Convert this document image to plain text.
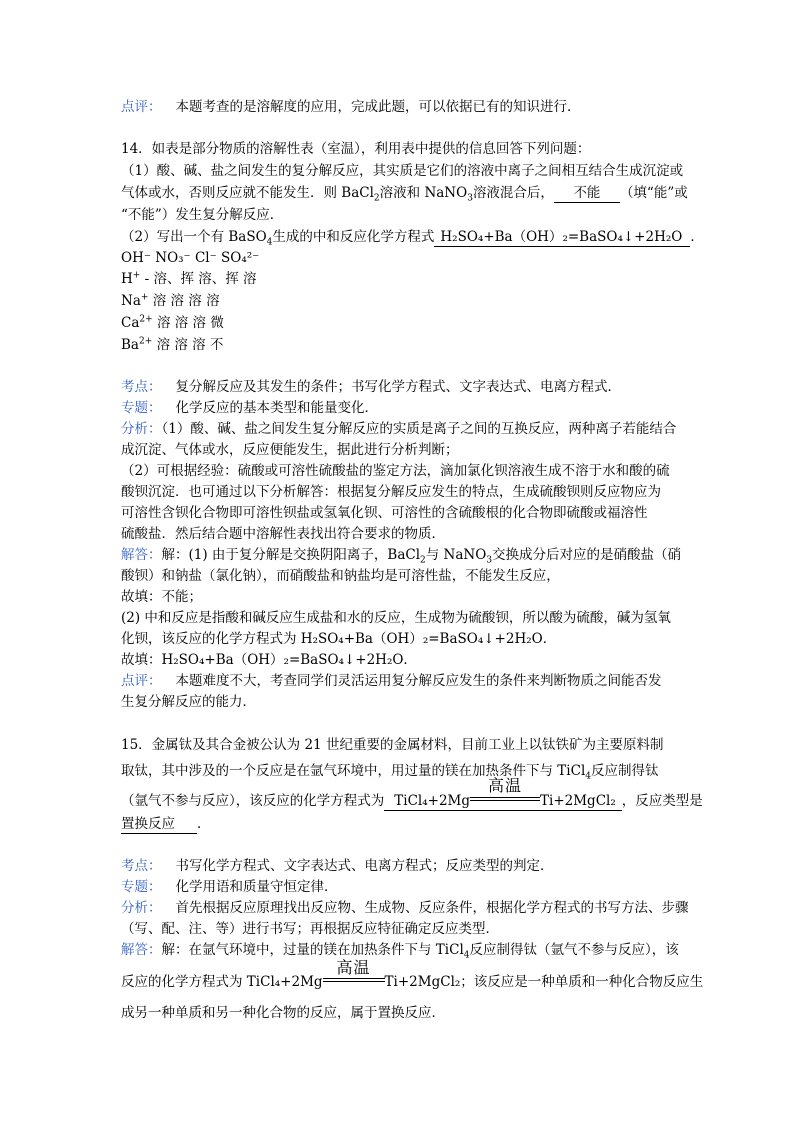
点评： 本题考查的是溶解度的应用，完成此题，可以依据已有的知识进行．
14．如表是部分物质的溶解性表（室温），利用表中提供的信息回答下列问题：
（1）酸、碱、盐之间发生的复分解反应，其实质是它们的溶液中离子之间相互结合生成沉淀或
气体或水，否则反应就不能发生．则 BaCl$_2$溶液和 NaNO$_3$溶液混合后， 不能 （填“能”或
“不能”）发生复分解反应．
（2）写出一个有 BaSO$_4$生成的中和反应化学方程式 H₂SO₄+Ba（OH）₂=BaSO₄↓+2H₂O ．
OH⁻ NO₃⁻ Cl⁻ SO₄²⁻
H+ - 溶、挥 溶、挥 溶
Na+ 溶 溶 溶 溶
$Ca^{2+}$ 溶 溶 溶 微
$Ba^{2+}$ 溶 溶 溶 不
考点： 复分解反应及其发生的条件；书写化学方程式、文字表达式、电离方程式．
专题： 化学反应的基本类型和能量变化．
分析：（1）酸、碱、盐之间发生复分解反应的实质是离子之间的互换反应，两种离子若能结合
成沉淀、气体或水，反应便能发生，据此进行分析判断；
（2）可根据经验：硫酸或可溶性硫酸盐的鉴定方法，滴加氯化钡溶液生成不溶于水和酸的硫
酸钡沉淀．也可通过以下分析解答：根据复分解反应发生的特点，生成硫酸钡则反应物应为
可溶性含钡化合物即可溶性钡盐或氢氧化钡、可溶性的含硫酸根的化合物即硫酸或福溶性
硫酸盐．然后结合题中溶解性表找出符合要求的物质．
解答：解：(1) 由于复分解是交换阴阳离子，BaCl$_2$与 NaNO$_3$交换成分后对应的是硝酸盐（硝
酸钡）和钠盐（氯化钠），而硝酸盐和钠盐均是可溶性盐，不能发生反应，
故填：不能；
(2) 中和反应是指酸和碱反应生成盐和水的反应，生成物为硫酸钡，所以酸为硫酸，碱为氢氧
化钡，该反应的化学方程式为 H₂SO₄+Ba（OH）₂=BaSO₄↓+2H₂O．
故填：H₂SO₄+Ba（OH）₂=BaSO₄↓+2H₂O．
点评： 本题难度不大，考查同学们灵活运用复分解反应发生的条件来判断物质之间能否发
生复分解反应的能力．
15．金属钛及其合金被公认为 21 世纪重要的金属材料，目前工业上以钛铁矿为主要原料制
取钛，其中涉及的一个反应是在氩气环境中，用过量的镁在加热条件下与 TiCl$_4$反应制得钛
（氩气不参与反应），该反应的化学方程式为 TiCl₄+2Mg
高温
Ti+2MgCl₂ ，反应类型是
置换反应 ．
考点： 书写化学方程式、文字表达式、电离方程式；反应类型的判定．
专题： 化学用语和质量守恒定律．
分析： 首先根据反应原理找出反应物、生成物、反应条件，根据化学方程式的书写方法、步骤
（写、配、注、等）进行书写；再根据反应特征确定反应类型．
解答：解：在氩气环境中，过量的镁在加热条件下与 TiCl$_4$反应制得钛（氩气不参与反应），该
反应的化学方程式为 TiCl₄+2Mg
高温
Ti+2MgCl₂；该反应是一种单质和一种化合物反应生
成另一种单质和另一种化合物的反应，属于置换反应．
